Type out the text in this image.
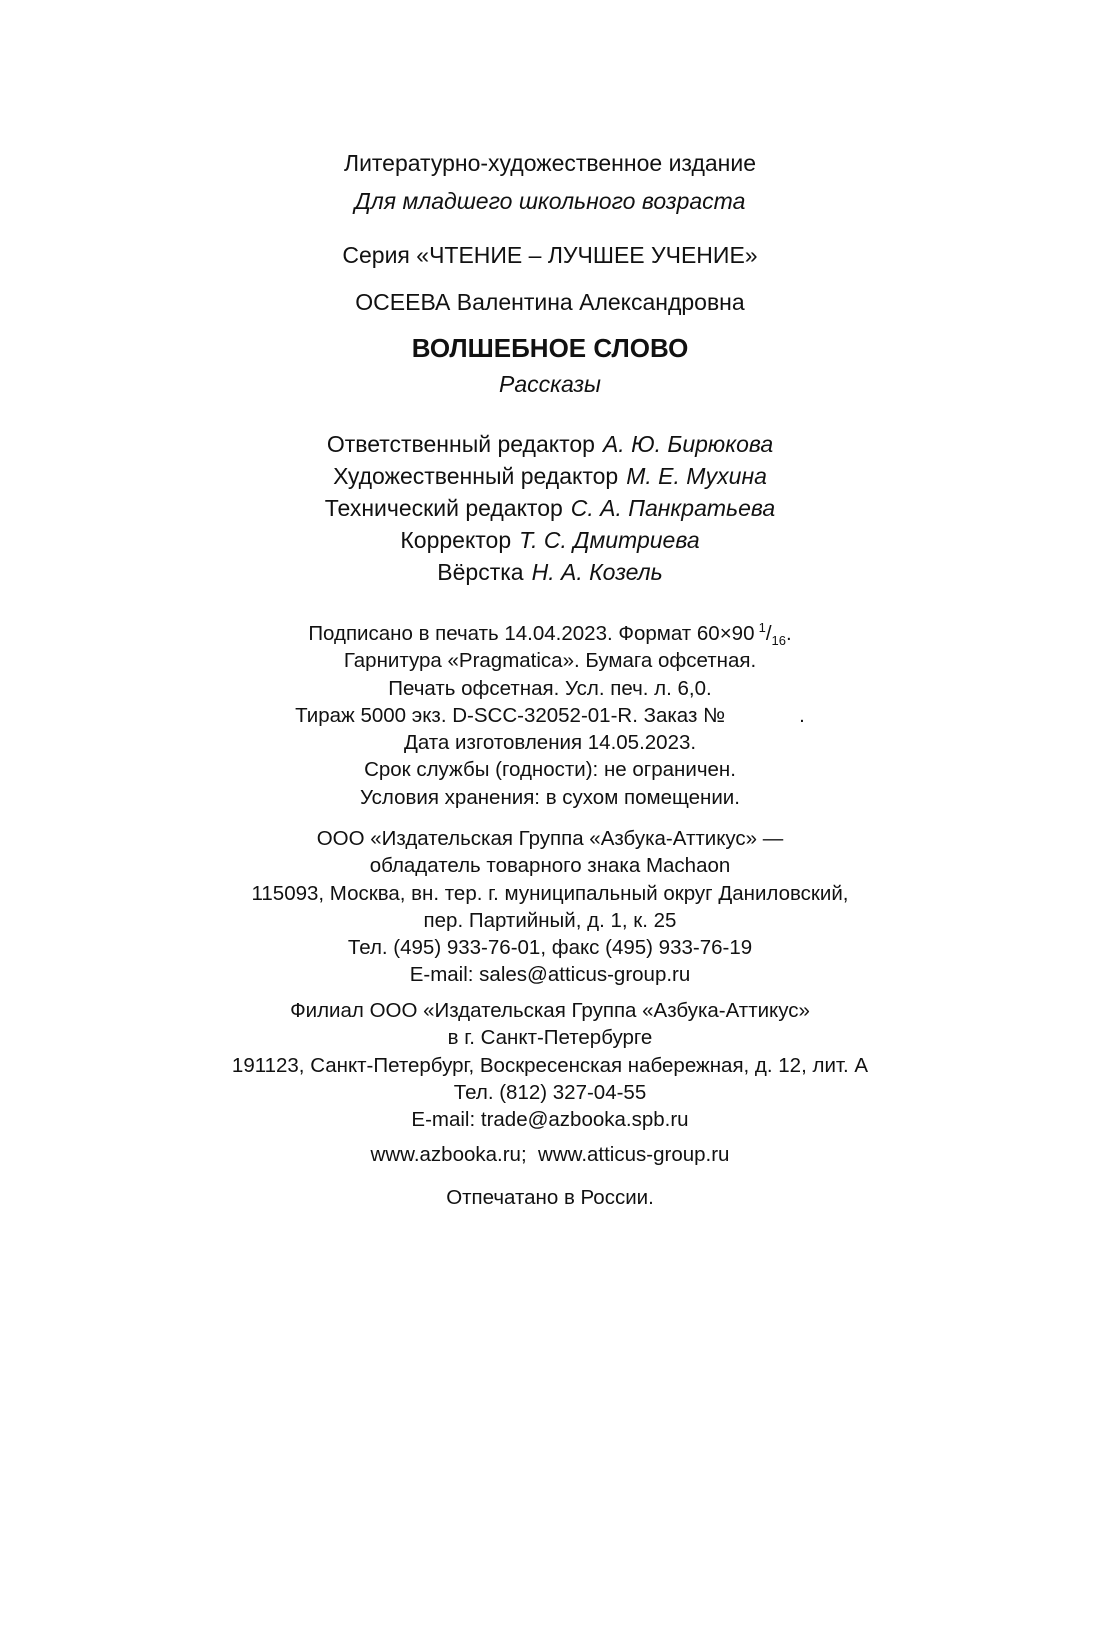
Литературно-художественное издание
Для младшего школьного возраста
Серия «ЧТЕНИЕ – ЛУЧШЕЕ УЧЕНИЕ»
ОСЕЕВА Валентина Александровна
ВОЛШЕБНОЕ СЛОВО
Рассказы
Ответственный редактор А. Ю. Бирюкова
Художественный редактор М. Е. Мухина
Технический редактор С. А. Панкратьева
Корректор Т. С. Дмитриева
Вёрстка Н. А. Козель
Подписано в печать 14.04.2023. Формат 60×90  $^1/_{16}$.
Гарнитура «Pragmatica». Бумага офсетная.
Печать офсетная. Усл. печ. л. 6,0.
Тираж 5000 экз. D-SCC-32052-01-R. Заказ №             .
Дата изготовления 14.05.2023.
Срок службы (годности): не ограничен.
Условия хранения: в сухом помещении.
ООО «Издательская Группа «Азбука-Аттикус» —
обладатель товарного знака Machaon
115093, Москва, вн. тер. г. муниципальный округ Даниловский,
пер. Партийный, д. 1, к. 25
Тел. (495) 933-76-01, факс (495) 933-76-19
E-mail: sales@atticus-group.ru
Филиал ООО «Издательская Группа «Азбука-Аттикус»
в г. Санкт-Петербурге
191123, Санкт-Петербург, Воскресенская набережная, д. 12, лит. А
Тел. (812) 327-04-55
E-mail: trade@azbooka.spb.ru
www.azbooka.ru;  www.atticus-group.ru
Отпечатано в России.
